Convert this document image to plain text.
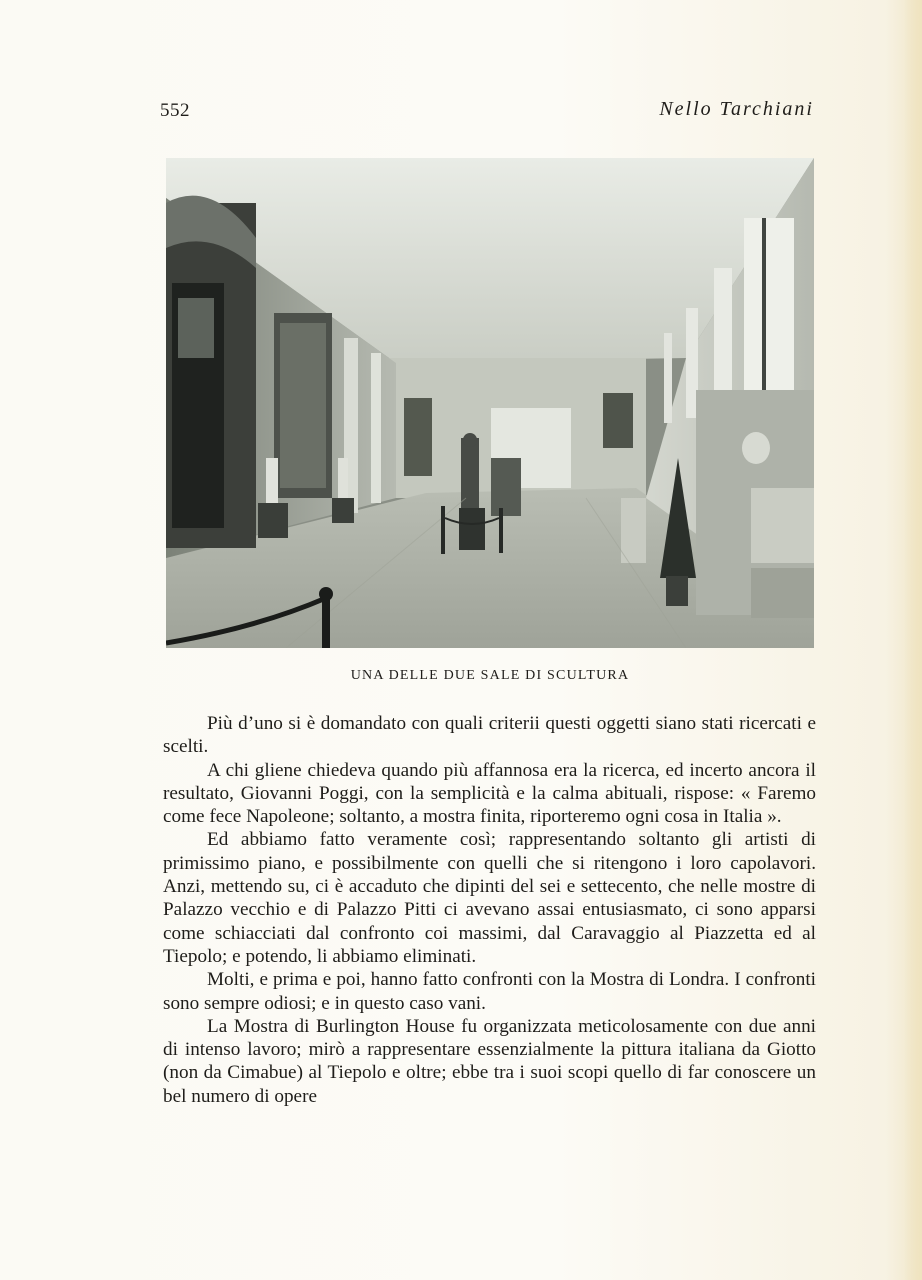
552	Nello Tarchiani
UNA DELLE DUE SALE DI SCULTURA

Più d’uno si è domandato con quali criterii questi oggetti siano stati ricercati e scelti.

A chi gliene chiedeva quando più affannosa era la ricerca, ed incerto ancora il resultato, Giovanni Poggi, con la semplicità e la calma abituali, rispose: « Faremo come fece Napoleone; soltanto, a mostra finita, riporteremo ogni cosa in Italia ».

Ed abbiamo fatto veramente così; rappresentando soltanto gli artisti di primissimo piano, e possibilmente con quelli che si ritengono i loro capolavori. Anzi, mettendo su, ci è accaduto che dipinti del sei e settecento, che nelle mostre di Palazzo vecchio e di Palazzo Pitti ci avevano assai entusiasmato, ci sono apparsi come schiacciati dal confronto coi massimi, dal Caravaggio al Piazzetta ed al Tiepolo; e potendo, li abbiamo eliminati.

Molti, e prima e poi, hanno fatto confronti con la Mostra di Londra. I confronti sono sempre odiosi; e in questo caso vani.

La Mostra di Burlington House fu organizzata meticolosamente con due anni di intenso lavoro; mirò a rappresentare essenzialmente la pittura italiana da Giotto (non da Cimabue) al Tiepolo e oltre; ebbe tra i suoi scopi quello di far conoscere un bel numero di opere
